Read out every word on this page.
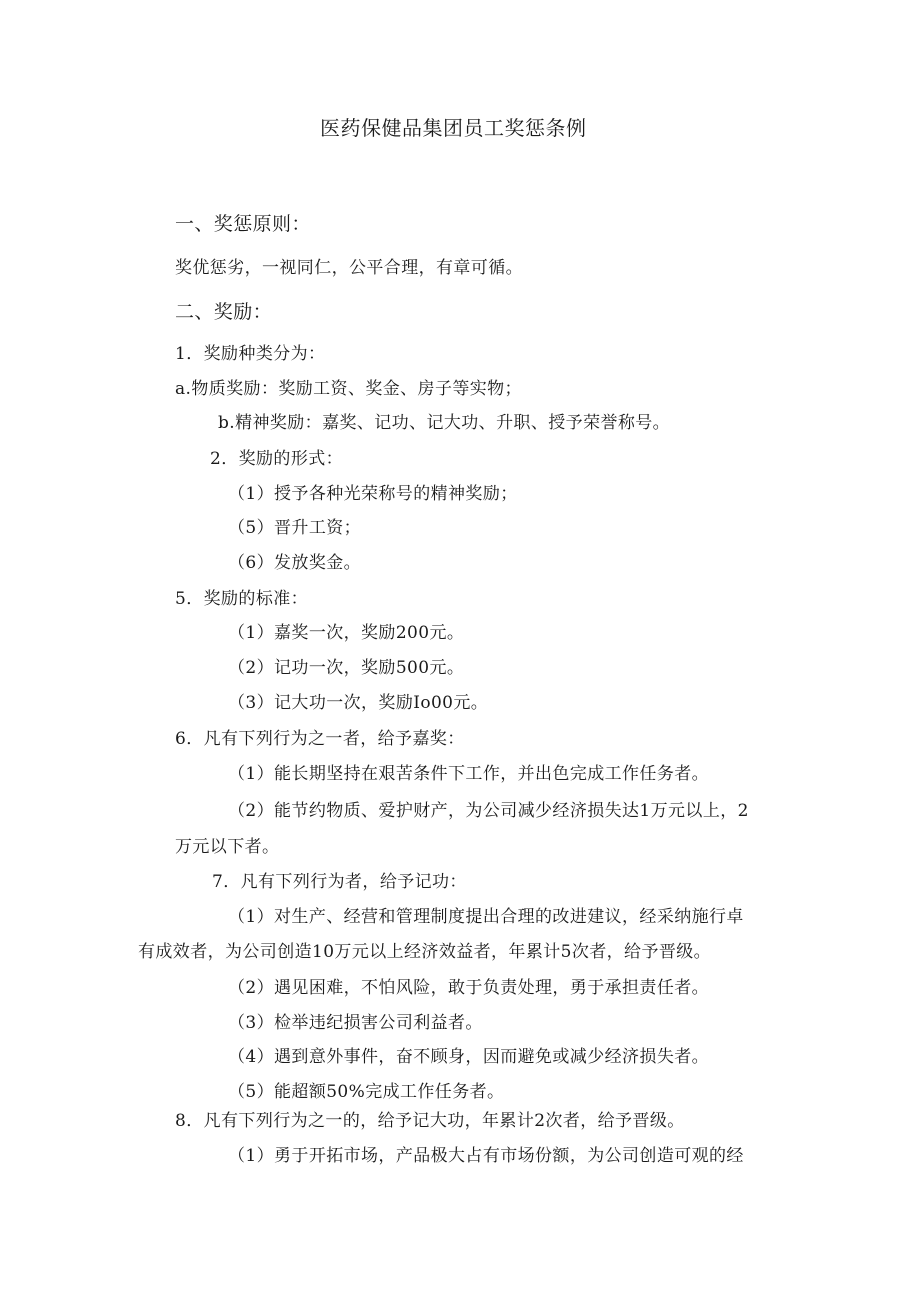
医药保健品集团员工奖惩条例
一、奖惩原则：
奖优惩劣，一视同仁，公平合理，有章可循。
二、奖励：
1．奖励种类分为：
a.物质奖励：奖励工资、奖金、房子等实物；
b.精神奖励：嘉奖、记功、记大功、升职、授予荣誉称号。
2．奖励的形式：
（1）授予各种光荣称号的精神奖励；
（5）晋升工资；
（6）发放奖金。
5．奖励的标准：
（1）嘉奖一次，奖励200元。
（2）记功一次，奖励500元。
（3）记大功一次，奖励Io00元。
6．凡有下列行为之一者，给予嘉奖：
（1）能长期坚持在艰苦条件下工作，并出色完成工作任务者。
（2）能节约物质、爱护财产，为公司减少经济损失达1万元以上，2
万元以下者。
7．凡有下列行为者，给予记功：
（1）对生产、经营和管理制度提出合理的改进建议，经采纳施行卓
有成效者，为公司创造10万元以上经济效益者，年累计5次者，给予晋级。
（2）遇见困难，不怕风险，敢于负责处理，勇于承担责任者。
（3）检举违纪损害公司利益者。
（4）遇到意外事件，奋不顾身，因而避免或减少经济损失者。
（5）能超额50%完成工作任务者。
8．凡有下列行为之一的，给予记大功，年累计2次者，给予晋级。
（1）勇于开拓市场，产品极大占有市场份额，为公司创造可观的经
